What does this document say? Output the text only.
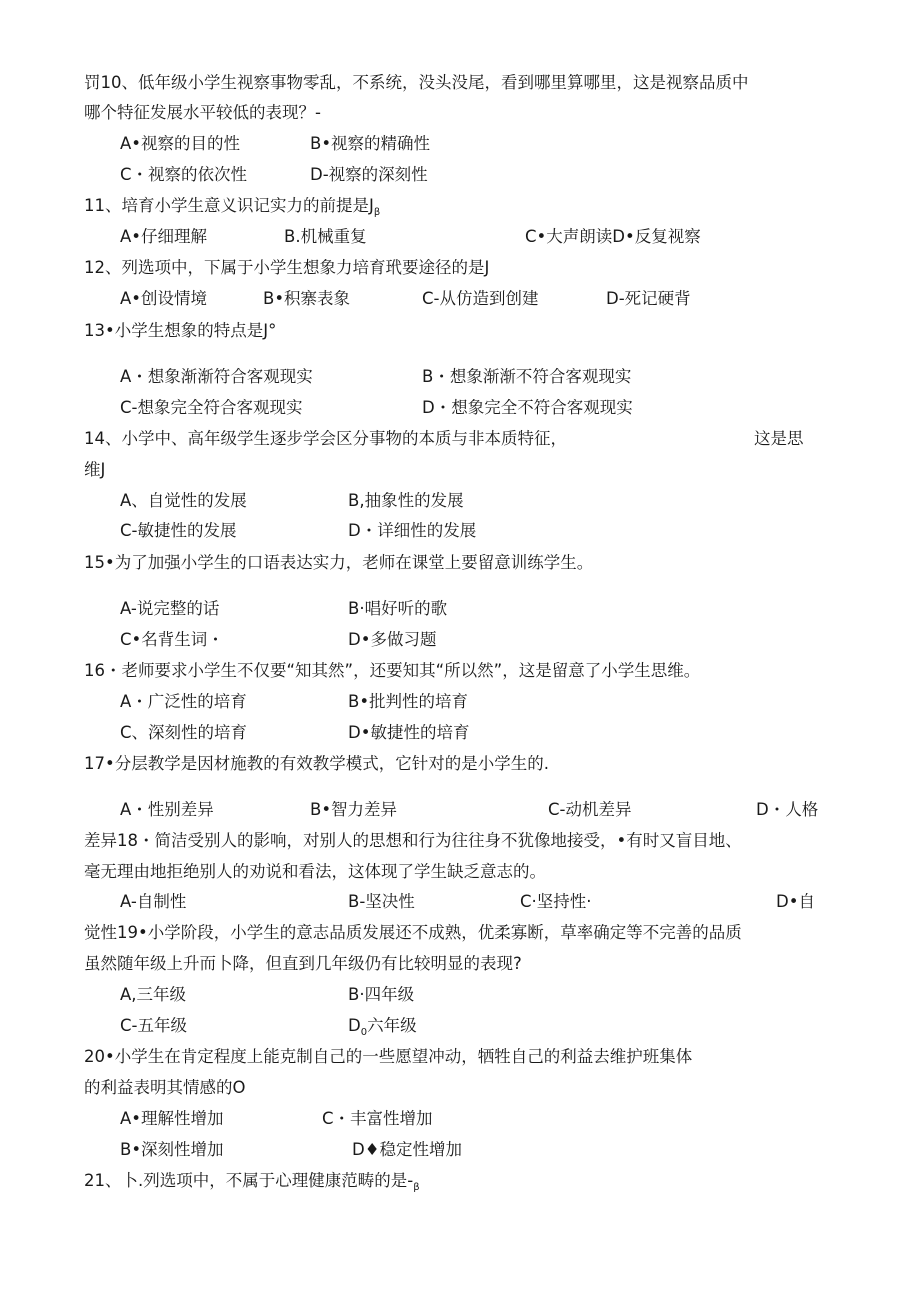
罚10、低年级小学生视察事物零乱，不系统，没头没尾，看到哪里算哪里，这是视察品质中
哪个特征发展水平较低的表现？-
A•视察的目的性	B•视察的精确性
C・视察的依次性	D-视察的深刻性
11、培育小学生意义识记实力的前提是$J_\beta$
A•仔细理解	B.机械重复	C•大声朗读D•反复视察
12、列选项中，下属于小学生想象力培育玳要途径的是J
A•创设情境	B•积寨表象	C-从仿造到创建	D-死记硬背
13•小学生想象的特点是J°
A・想象渐渐符合客观现实	B・想象渐渐不符合客观现实
C-想象完全符合客观现实	D・想象完全不符合客观现实
14、小学中、高年级学生逐步学会区分事物的本质与非本质特征，	这是思
维J
A、自觉性的发展	B,抽象性的发展
C-敏捷性的发展	D・详细性的发展
15•为了加强小学生的口语表达实力，老师在课堂上要留意训练学生。
A-说完整的话	B·唱好听的歌
C•名背生词・	D•多做习题
16・老师要求小学生不仅要“知其然”，还要知其“所以然”，这是留意了小学生思维。
A・广泛性的培育	B•批判性的培育
C、深刻性的培育	D•敏捷性的培育
17•分层教学是因材施教的有效教学模式，它针对的是小学生的.
A・性别差异	B•智力差异	C-动机差异	D・人格
差异18・简洁受别人的影响，对别人的思想和行为往往身不犹像地接受，•有时又盲目地、
毫无理由地拒绝别人的劝说和看法，这体现了学生缺乏意志的。
A-自制性	B-坚决性	C·坚持性·	D•自
觉性19•小学阶段，小学生的意志品质发展还不成熟，优柔寡断，草率确定等不完善的品质
虽然随年级上升而卜降，但直到几年级仍有比较明显的表现?
A,三年级	B·四年级
C-五年级	$D_0$六年级
20•小学生在肯定程度上能克制自己的一些愿望冲动，牺牲自己的利益去维护班集体
的利益表明其情感的O
A•理解性增加	C・丰富性增加
B•深刻性增加	D♦稳定性增加
21、卜.列选项中，不属于心理健康范畴的是$-_\beta$
